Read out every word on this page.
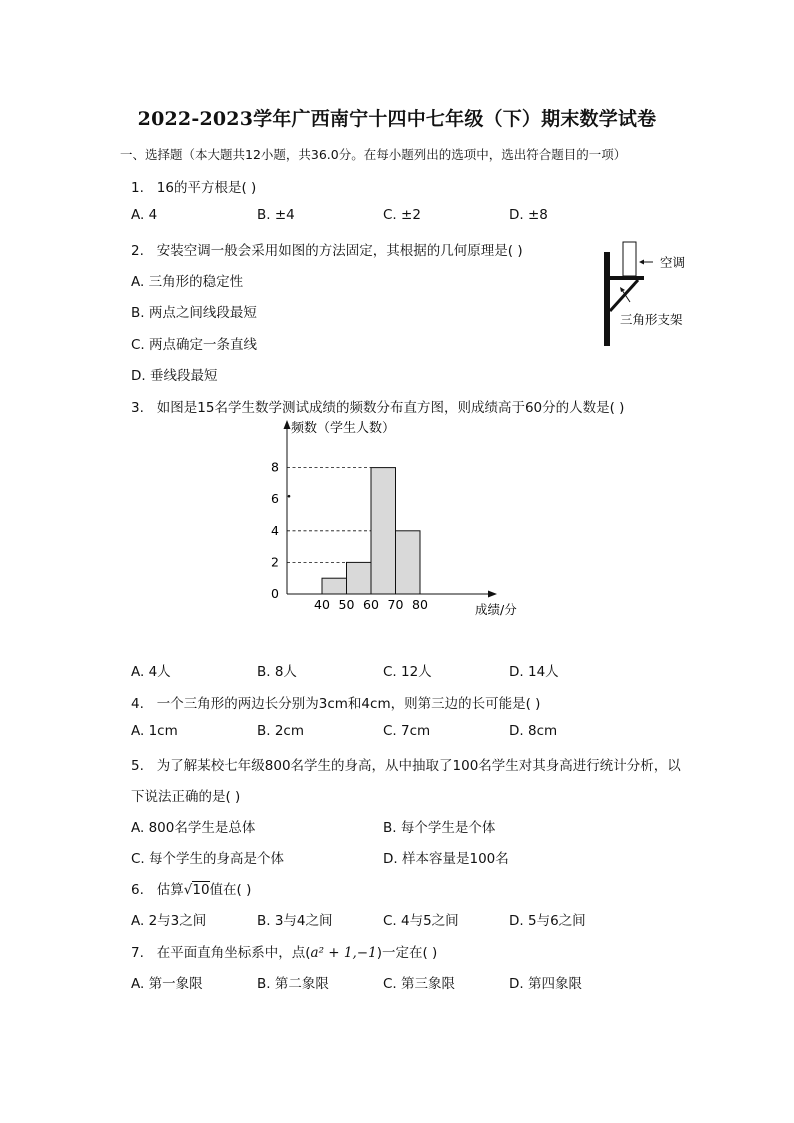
2022-2023学年广西南宁十四中七年级（下）期末数学试卷
一、选择题（本大题共12小题，共36.0分。在每小题列出的选项中，选出符合题目的一项）
1. 16的平方根是( )
A. 4	B. ±4	C. ±2	D. ±8
2. 安装空调一般会采用如图的方法固定，其根据的几何原理是( )
A. 三角形的稳定性
B. 两点之间线段最短
C. 两点确定一条直线
D. 垂线段最短
空调
三角形支架
3. 如图是15名学生数学测试成绩的频数分布直方图，则成绩高于60分的人数是( )
频数（学生人数）
成绩/分
0
2
4
6
8
40 50 60 70 80
A. 4人	B. 8人	C. 12人	D. 14人
4. 一个三角形的两边长分别为3cm和4cm，则第三边的长可能是( )
A. 1cm	B. 2cm	C. 7cm	D. 8cm
5. 为了解某校七年级800名学生的身高，从中抽取了100名学生对其身高进行统计分析，以
下说法正确的是( )
A. 800名学生是总体	B. 每个学生是个体
C. 每个学生的身高是个体	D. 样本容量是100名
6. 估算√10值在( )
A. 2与3之间	B. 3与4之间	C. 4与5之间	D. 5与6之间
7. 在平面直角坐标系中，点(a² + 1,−1)一定在( )
A. 第一象限	B. 第二象限	C. 第三象限	D. 第四象限
